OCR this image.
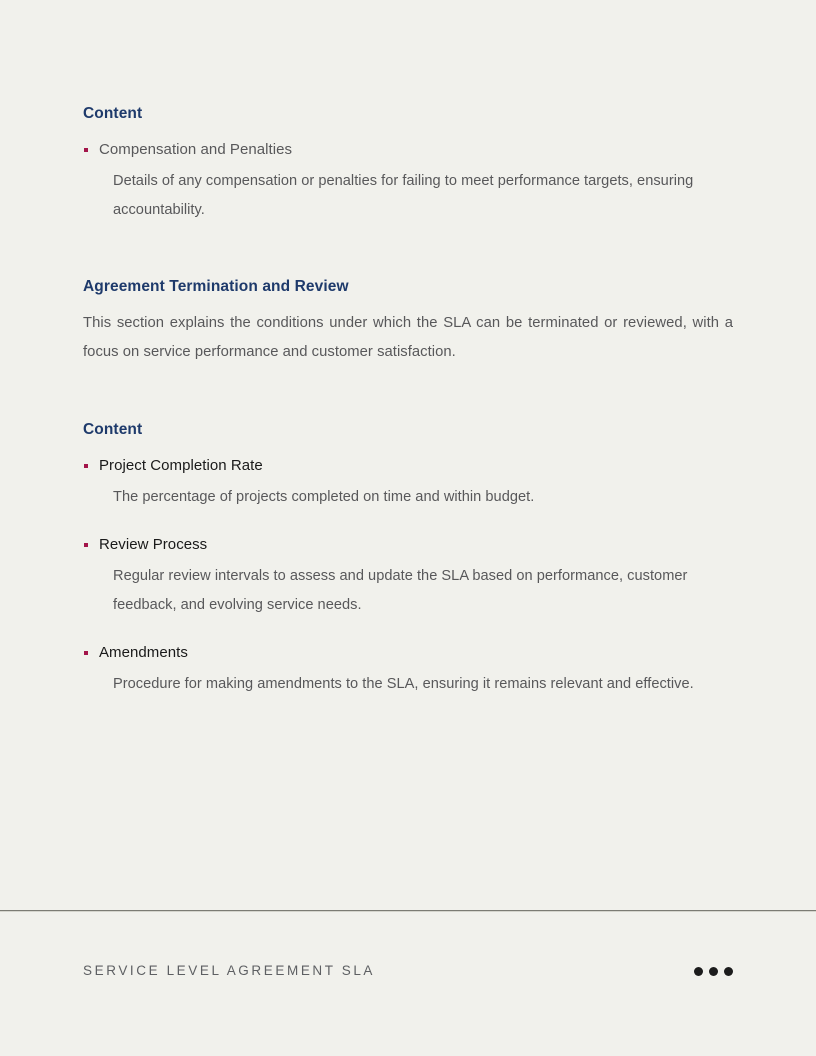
Content
Compensation and Penalties
Details of any compensation or penalties for failing to meet performance targets, ensuring accountability.
Agreement Termination and Review

This section explains the conditions under which the SLA can be terminated or reviewed, with a focus on service performance and customer satisfaction.

Content
Project Completion Rate
The percentage of projects completed on time and within budget.
Review Process
Regular review intervals to assess and update the SLA based on performance, customer feedback, and evolving service needs.
Amendments
Procedure for making amendments to the SLA, ensuring it remains relevant and effective.
SERVICE LEVEL AGREEMENT SLA
